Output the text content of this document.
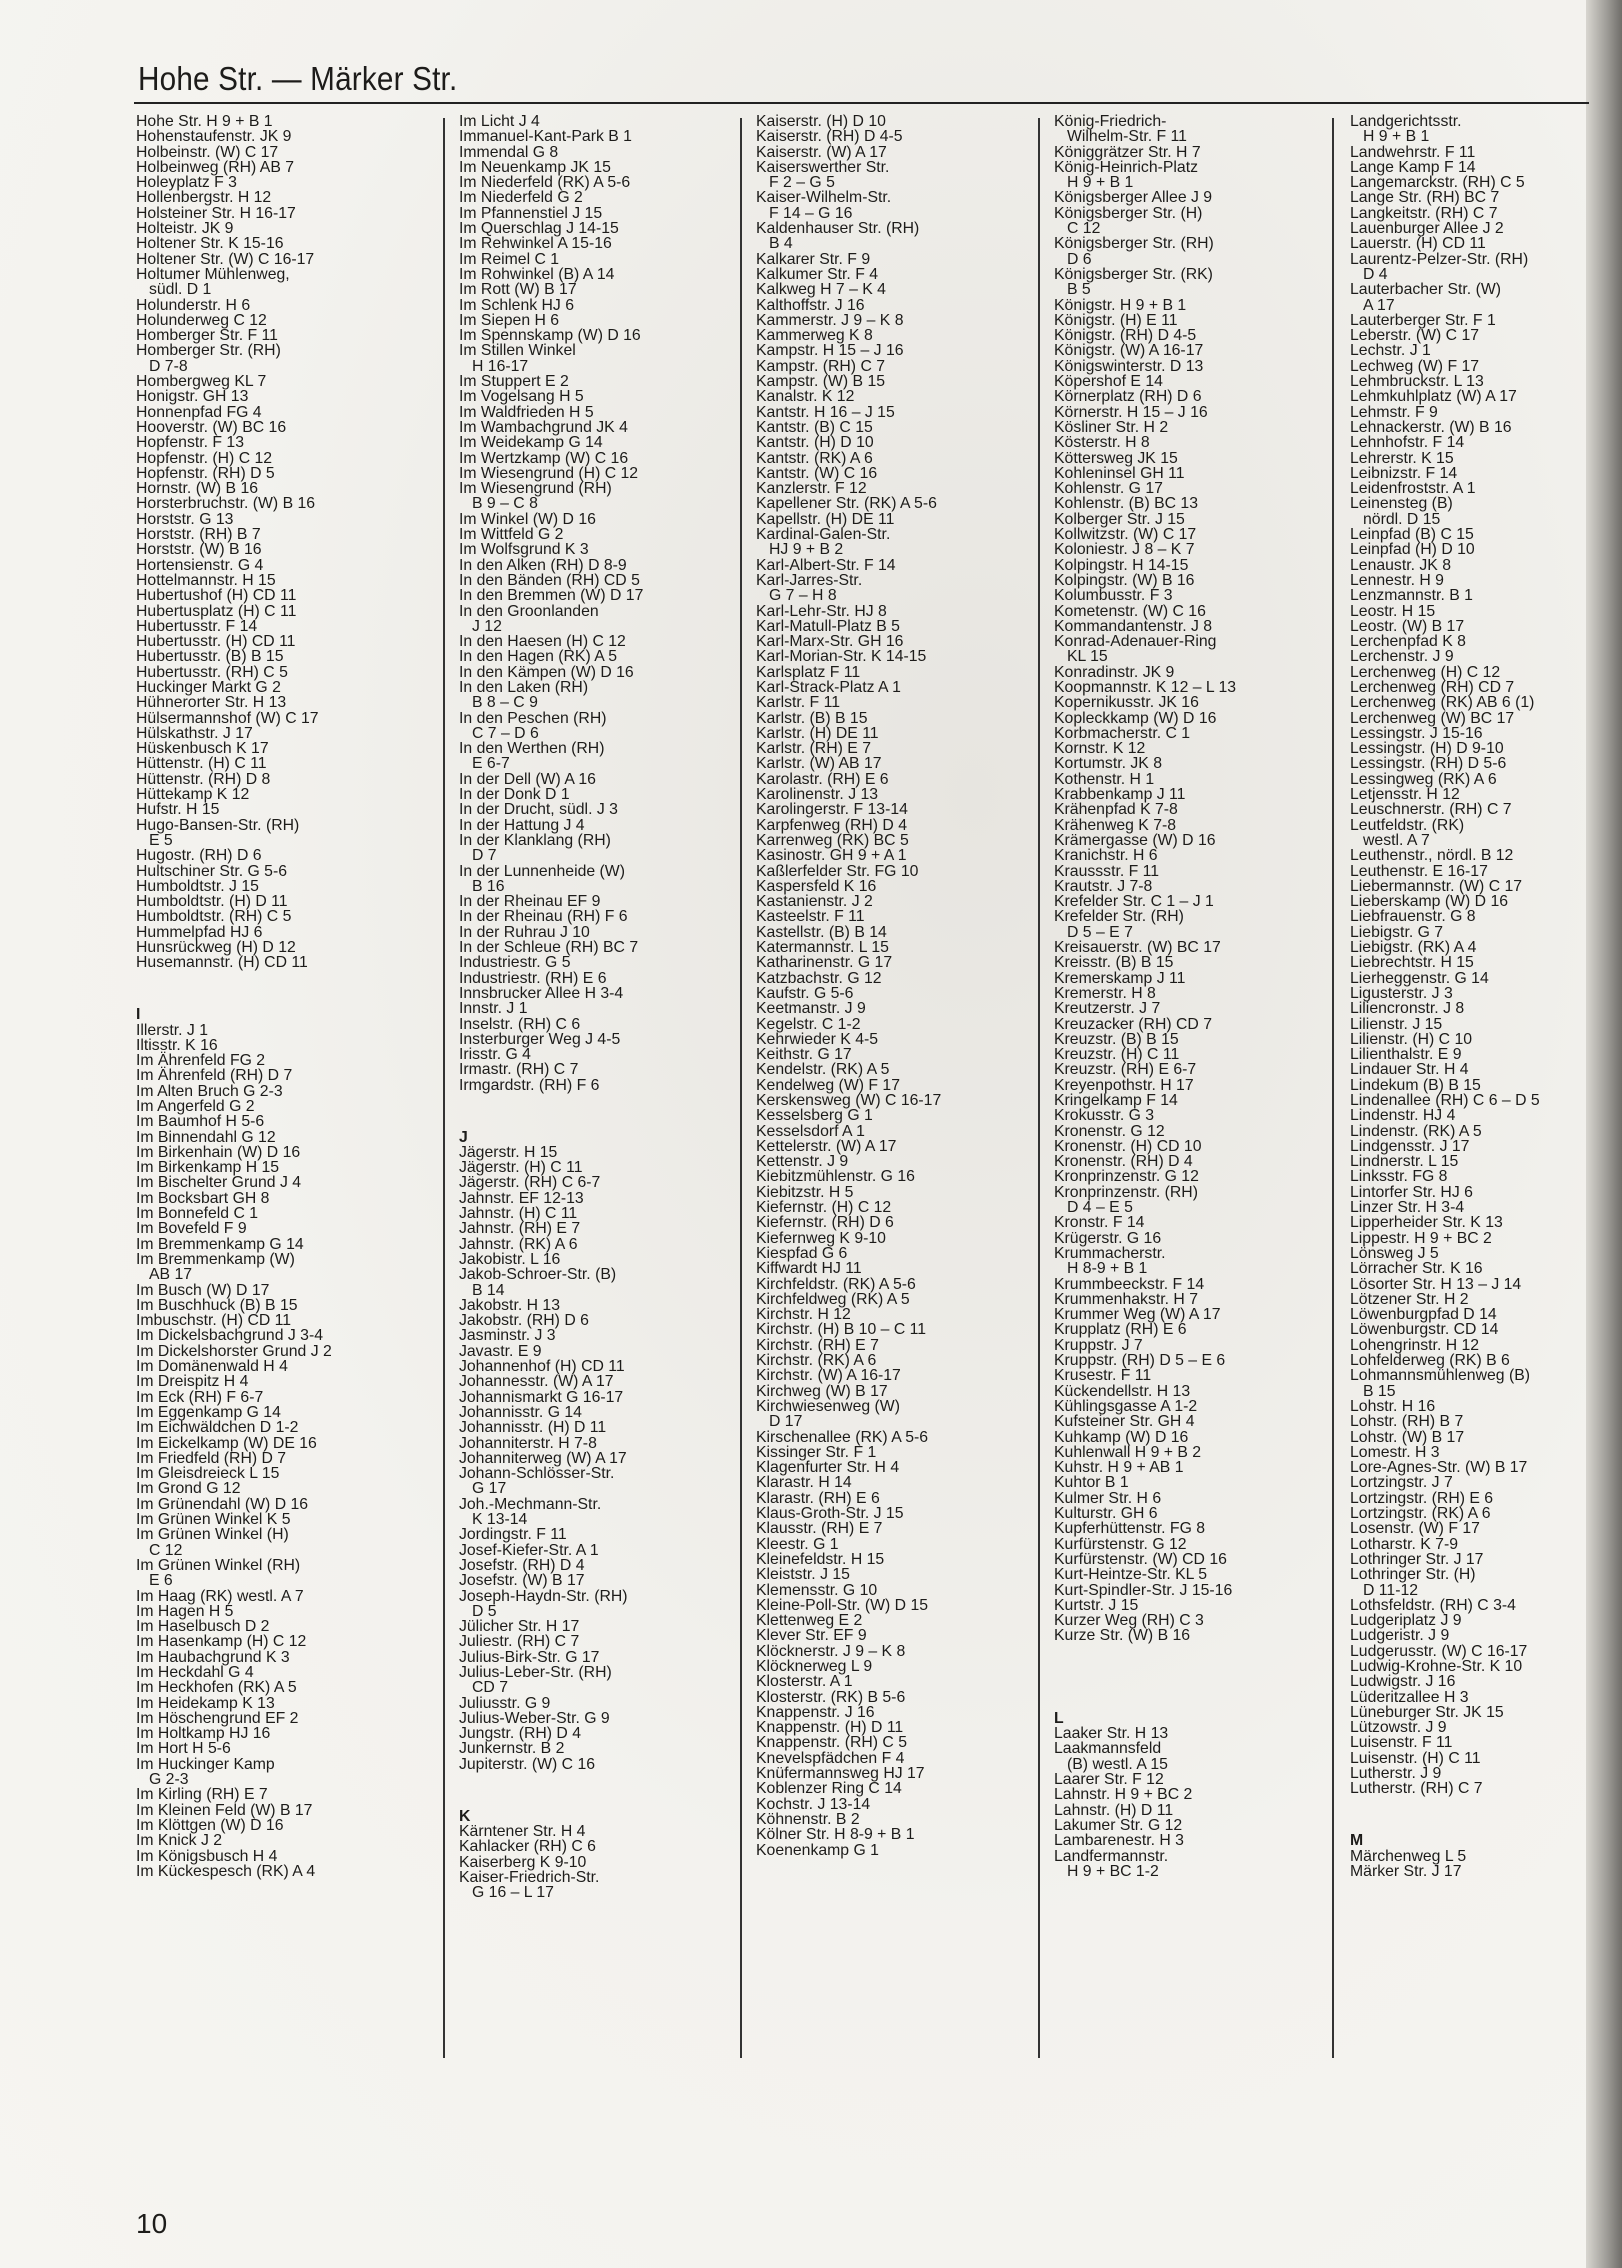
Hohe Str. — Märker Str.
Hohe Str. H 9 + B 1
Hohenstaufenstr. JK 9
Holbeinstr. (W) C 17
Holbeinweg (RH) AB 7
Holeyplatz F 3
Hollenbergstr. H 12
Holsteiner Str. H 16-17
Holteistr. JK 9
Holtener Str. K 15-16
Holtener Str. (W) C 16-17
Holtumer Mühlenweg,
südl. D 1
Holunderstr. H 6
Holunderweg C 12
Homberger Str. F 11
Homberger Str. (RH)
D 7-8
Hombergweg KL 7
Honigstr. GH 13
Honnenpfad FG 4
Hooverstr. (W) BC 16
Hopfenstr. F 13
Hopfenstr. (H) C 12
Hopfenstr. (RH) D 5
Hornstr. (W) B 16
Horsterbruchstr. (W) B 16
Horststr. G 13
Horststr. (RH) B 7
Horststr. (W) B 16
Hortensienstr. G 4
Hottelmannstr. H 15
Hubertushof (H) CD 11
Hubertusplatz (H) C 11
Hubertusstr. F 14
Hubertusstr. (H) CD 11
Hubertusstr. (B) B 15
Hubertusstr. (RH) C 5
Huckinger Markt G 2
Hühnerorter Str. H 13
Hülsermannshof (W) C 17
Hülskathstr. J 17
Hüskenbusch K 17
Hüttenstr. (H) C 11
Hüttenstr. (RH) D 8
Hüttekamp K 12
Hufstr. H 15
Hugo-Bansen-Str. (RH)
E 5
Hugostr. (RH) D 6
Hultschiner Str. G 5-6
Humboldtstr. J 15
Humboldtstr. (H) D 11
Humboldtstr. (RH) C 5
Hummelpfad HJ 6
Hunsrückweg (H) D 12
Husemannstr. (H) CD 11
I
Illerstr. J 1
Iltisstr. K 16
Im Ährenfeld FG 2
Im Ährenfeld (RH) D 7
Im Alten Bruch G 2-3
Im Angerfeld G 2
Im Baumhof H 5-6
Im Binnendahl G 12
Im Birkenhain (W) D 16
Im Birkenkamp H 15
Im Bischelter Grund J 4
Im Bocksbart GH 8
Im Bonnefeld C 1
Im Bovefeld F 9
Im Bremmenkamp G 14
Im Bremmenkamp (W)
AB 17
Im Busch (W) D 17
Im Buschhuck (B) B 15
Imbuschstr. (H) CD 11
Im Dickelsbachgrund J 3-4
Im Dickelshorster Grund J 2
Im Domänenwald H 4
Im Dreispitz H 4
Im Eck (RH) F 6-7
Im Eggenkamp G 14
Im Eichwäldchen D 1-2
Im Eickelkamp (W) DE 16
Im Friedfeld (RH) D 7
Im Gleisdreieck L 15
Im Grond G 12
Im Grünendahl (W) D 16
Im Grünen Winkel K 5
Im Grünen Winkel (H)
C 12
Im Grünen Winkel (RH)
E 6
Im Haag (RK) westl. A 7
Im Hagen H 5
Im Haselbusch D 2
Im Hasenkamp (H) C 12
Im Haubachgrund K 3
Im Heckdahl G 4
Im Heckhofen (RK) A 5
Im Heidekamp K 13
Im Höschengrund EF 2
Im Holtkamp HJ 16
Im Hort H 5-6
Im Huckinger Kamp
G 2-3
Im Kirling (RH) E 7
Im Kleinen Feld (W) B 17
Im Klöttgen (W) D 16
Im Knick J 2
Im Königsbusch H 4
Im Kückespesch (RK) A 4
Im Licht J 4
Immanuel-Kant-Park B 1
Immendal G 8
Im Neuenkamp JK 15
Im Niederfeld (RK) A 5-6
Im Niederfeld G 2
Im Pfannenstiel J 15
Im Querschlag J 14-15
Im Rehwinkel A 15-16
Im Reimel C 1
Im Rohwinkel (B) A 14
Im Rott (W) B 17
Im Schlenk HJ 6
Im Siepen H 6
Im Spennskamp (W) D 16
Im Stillen Winkel
H 16-17
Im Stuppert E 2
Im Vogelsang H 5
Im Waldfrieden H 5
Im Wambachgrund JK 4
Im Weidekamp G 14
Im Wertzkamp (W) C 16
Im Wiesengrund (H) C 12
Im Wiesengrund (RH)
B 9 – C 8
Im Winkel (W) D 16
Im Wittfeld G 2
Im Wolfsgrund K 3
In den Alken (RH) D 8-9
In den Bänden (RH) CD 5
In den Bremmen (W) D 17
In den Groonlanden
J 12
In den Haesen (H) C 12
In den Hagen (RK) A 5
In den Kämpen (W) D 16
In den Laken (RH)
B 8 – C 9
In den Peschen (RH)
C 7 – D 6
In den Werthen (RH)
E 6-7
In der Dell (W) A 16
In der Donk D 1
In der Drucht, südl. J 3
In der Hattung J 4
In der Klanklang (RH)
D 7
In der Lunnenheide (W)
B 16
In der Rheinau EF 9
In der Rheinau (RH) F 6
In der Ruhrau J 10
In der Schleue (RH) BC 7
Industriestr. G 5
Industriestr. (RH) E 6
Innsbrucker Allee H 3-4
Innstr. J 1
Inselstr. (RH) C 6
Insterburger Weg J 4-5
Irisstr. G 4
Irmastr. (RH) C 7
Irmgardstr. (RH) F 6
J
Jägerstr. H 15
Jägerstr. (H) C 11
Jägerstr. (RH) C 6-7
Jahnstr. EF 12-13
Jahnstr. (H) C 11
Jahnstr. (RH) E 7
Jahnstr. (RK) A 6
Jakobistr. L 16
Jakob-Schroer-Str. (B)
B 14
Jakobstr. H 13
Jakobstr. (RH) D 6
Jasminstr. J 3
Javastr. E 9
Johannenhof (H) CD 11
Johannesstr. (W) A 17
Johannismarkt G 16-17
Johannisstr. G 14
Johannisstr. (H) D 11
Johanniterstr. H 7-8
Johanniterweg (W) A 17
Johann-Schlösser-Str.
G 17
Joh.-Mechmann-Str.
K 13-14
Jordingstr. F 11
Josef-Kiefer-Str. A 1
Josefstr. (RH) D 4
Josefstr. (W) B 17
Joseph-Haydn-Str. (RH)
D 5
Jülicher Str. H 17
Juliestr. (RH) C 7
Julius-Birk-Str. G 17
Julius-Leber-Str. (RH)
CD 7
Juliusstr. G 9
Julius-Weber-Str. G 9
Jungstr. (RH) D 4
Junkernstr. B 2
Jupiterstr. (W) C 16
K
Kärntener Str. H 4
Kahlacker (RH) C 6
Kaiserberg K 9-10
Kaiser-Friedrich-Str.
G 16 – L 17
Kaiserstr. (H) D 10
Kaiserstr. (RH) D 4-5
Kaiserstr. (W) A 17
Kaiserswerther Str.
F 2 – G 5
Kaiser-Wilhelm-Str.
F 14 – G 16
Kaldenhauser Str. (RH)
B 4
Kalkarer Str. F 9
Kalkumer Str. F 4
Kalkweg H 7 – K 4
Kalthoffstr. J 16
Kammerstr. J 9 – K 8
Kammerweg K 8
Kampstr. H 15 – J 16
Kampstr. (RH) C 7
Kampstr. (W) B 15
Kanalstr. K 12
Kantstr. H 16 – J 15
Kantstr. (B) C 15
Kantstr. (H) D 10
Kantstr. (RK) A 6
Kantstr. (W) C 16
Kanzlerstr. F 12
Kapellener Str. (RK) A 5-6
Kapellstr. (H) DE 11
Kardinal-Galen-Str.
HJ 9 + B 2
Karl-Albert-Str. F 14
Karl-Jarres-Str.
G 7 – H 8
Karl-Lehr-Str. HJ 8
Karl-Matull-Platz B 5
Karl-Marx-Str. GH 16
Karl-Morian-Str. K 14-15
Karlsplatz F 11
Karl-Strack-Platz A 1
Karlstr. F 11
Karlstr. (B) B 15
Karlstr. (H) DE 11
Karlstr. (RH) E 7
Karlstr. (W) AB 17
Karolastr. (RH) E 6
Karolinenstr. J 13
Karolingerstr. F 13-14
Karpfenweg (RH) D 4
Karrenweg (RK) BC 5
Kasinostr. GH 9 + A 1
Kaßlerfelder Str. FG 10
Kaspersfeld K 16
Kastanienstr. J 2
Kasteelstr. F 11
Kastellstr. (B) B 14
Katermannstr. L 15
Katharinenstr. G 17
Katzbachstr. G 12
Kaufstr. G 5-6
Keetmanstr. J 9
Kegelstr. C 1-2
Kehrwieder K 4-5
Keithstr. G 17
Kendelstr. (RK) A 5
Kendelweg (W) F 17
Kerskensweg (W) C 16-17
Kesselsberg G 1
Kesselsdorf A 1
Kettelerstr. (W) A 17
Kettenstr. J 9
Kiebitzmühlenstr. G 16
Kiebitzstr. H 5
Kiefernstr. (H) C 12
Kiefernstr. (RH) D 6
Kiefernweg K 9-10
Kiespfad G 6
Kiffwardt HJ 11
Kirchfeldstr. (RK) A 5-6
Kirchfeldweg (RK) A 5
Kirchstr. H 12
Kirchstr. (H) B 10 – C 11
Kirchstr. (RH) E 7
Kirchstr. (RK) A 6
Kirchstr. (W) A 16-17
Kirchweg (W) B 17
Kirchwiesenweg (W)
D 17
Kirschenallee (RK) A 5-6
Kissinger Str. F 1
Klagenfurter Str. H 4
Klarastr. H 14
Klarastr. (RH) E 6
Klaus-Groth-Str. J 15
Klausstr. (RH) E 7
Kleestr. G 1
Kleinefeldstr. H 15
Kleiststr. J 15
Klemensstr. G 10
Kleine-Poll-Str. (W) D 15
Klettenweg E 2
Klever Str. EF 9
Klöcknerstr. J 9 – K 8
Klöcknerweg L 9
Klosterstr. A 1
Klosterstr. (RK) B 5-6
Knappenstr. J 16
Knappenstr. (H) D 11
Knappenstr. (RH) C 5
Knevelspfädchen F 4
Knüfermannsweg HJ 17
Koblenzer Ring C 14
Kochstr. J 13-14
Köhnenstr. B 2
Kölner Str. H 8-9 + B 1
Koenenkamp G 1
König-Friedrich-
Wilhelm-Str. F 11
Königgrätzer Str. H 7
König-Heinrich-Platz
H 9 + B 1
Königsberger Allee J 9
Königsberger Str. (H)
C 12
Königsberger Str. (RH)
D 6
Königsberger Str. (RK)
B 5
Königstr. H 9 + B 1
Königstr. (H) E 11
Königstr. (RH) D 4-5
Königstr. (W) A 16-17
Königswinterstr. D 13
Köpershof E 14
Körnerplatz (RH) D 6
Körnerstr. H 15 – J 16
Kösliner Str. H 2
Kösterstr. H 8
Köttersweg JK 15
Kohleninsel GH 11
Kohlenstr. G 17
Kohlenstr. (B) BC 13
Kolberger Str. J 15
Kollwitzstr. (W) C 17
Koloniestr. J 8 – K 7
Kolpingstr. H 14-15
Kolpingstr. (W) B 16
Kolumbusstr. F 3
Kometenstr. (W) C 16
Kommandantenstr. J 8
Konrad-Adenauer-Ring
KL 15
Konradinstr. JK 9
Koopmannstr. K 12 – L 13
Kopernikusstr. JK 16
Kopleckkamp (W) D 16
Korbmacherstr. C 1
Kornstr. K 12
Kortumstr. JK 8
Kothenstr. H 1
Krabbenkamp J 11
Krähenpfad K 7-8
Krähenweg K 7-8
Krämergasse (W) D 16
Kranichstr. H 6
Kraussstr. F 11
Krautstr. J 7-8
Krefelder Str. C 1 – J 1
Krefelder Str. (RH)
D 5 – E 7
Kreisauerstr. (W) BC 17
Kreisstr. (B) B 15
Kremerskamp J 11
Kremerstr. H 8
Kreutzerstr. J 7
Kreuzacker (RH) CD 7
Kreuzstr. (B) B 15
Kreuzstr. (H) C 11
Kreuzstr. (RH) E 6-7
Kreyenpothstr. H 17
Kringelkamp F 14
Krokusstr. G 3
Kronenstr. G 12
Kronenstr. (H) CD 10
Kronenstr. (RH) D 4
Kronprinzenstr. G 12
Kronprinzenstr. (RH)
D 4 – E 5
Kronstr. F 14
Krügerstr. G 16
Krummacherstr.
H 8-9 + B 1
Krummbeeckstr. F 14
Krummenhakstr. H 7
Krummer Weg (W) A 17
Krupplatz (RH) E 6
Kruppstr. J 7
Kruppstr. (RH) D 5 – E 6
Krusestr. F 11
Kückendellstr. H 13
Kühlingsgasse A 1-2
Kufsteiner Str. GH 4
Kuhkamp (W) D 16
Kuhlenwall H 9 + B 2
Kuhstr. H 9 + AB 1
Kuhtor B 1
Kulmer Str. H 6
Kulturstr. GH 6
Kupferhüttenstr. FG 8
Kurfürstenstr. G 12
Kurfürstenstr. (W) CD 16
Kurt-Heintze-Str. KL 5
Kurt-Spindler-Str. J 15-16
Kurtstr. J 15
Kurzer Weg (RH) C 3
Kurze Str. (W) B 16
L
Laaker Str. H 13
Laakmannsfeld
(B) westl. A 15
Laarer Str. F 12
Lahnstr. H 9 + BC 2
Lahnstr. (H) D 11
Lakumer Str. G 12
Lambarenestr. H 3
Landfermannstr.
H 9 + BC 1-2
Landgerichtsstr.
H 9 + B 1
Landwehrstr. F 11
Lange Kamp F 14
Langemarckstr. (RH) C 5
Lange Str. (RH) BC 7
Langkeitstr. (RH) C 7
Lauenburger Allee J 2
Lauerstr. (H) CD 11
Laurentz-Pelzer-Str. (RH)
D 4
Lauterbacher Str. (W)
A 17
Lauterberger Str. F 1
Leberstr. (W) C 17
Lechstr. J 1
Lechweg (W) F 17
Lehmbruckstr. L 13
Lehmkuhlplatz (W) A 17
Lehmstr. F 9
Lehnackerstr. (W) B 16
Lehnhofstr. F 14
Lehrerstr. K 15
Leibnizstr. F 14
Leidenfroststr. A 1
Leinensteg (B)
nördl. D 15
Leinpfad (B) C 15
Leinpfad (H) D 10
Lenaustr. JK 8
Lennestr. H 9
Lenzmannstr. B 1
Leostr. H 15
Leostr. (W) B 17
Lerchenpfad K 8
Lerchenstr. J 9
Lerchenweg (H) C 12
Lerchenweg (RH) CD 7
Lerchenweg (RK) AB 6 (1)
Lerchenweg (W) BC 17
Lessingstr. J 15-16
Lessingstr. (H) D 9-10
Lessingstr. (RH) D 5-6
Lessingweg (RK) A 6
Letjensstr. H 12
Leuschnerstr. (RH) C 7
Leutfeldstr. (RK)
westl. A 7
Leuthenstr., nördl. B 12
Leuthenstr. E 16-17
Liebermannstr. (W) C 17
Lieberskamp (W) D 16
Liebfrauenstr. G 8
Liebigstr. G 7
Liebigstr. (RK) A 4
Liebrechtstr. H 15
Lierheggenstr. G 14
Ligusterstr. J 3
Liliencronstr. J 8
Lilienstr. J 15
Lilienstr. (H) C 10
Lilienthalstr. E 9
Lindauer Str. H 4
Lindekum (B) B 15
Lindenallee (RH) C 6 – D 5
Lindenstr. HJ 4
Lindenstr. (RK) A 5
Lindgensstr. J 17
Lindnerstr. L 15
Linksstr. FG 8
Lintorfer Str. HJ 6
Linzer Str. H 3-4
Lipperheider Str. K 13
Lippestr. H 9 + BC 2
Lönsweg J 5
Lörracher Str. K 16
Lösorter Str. H 13 – J 14
Lötzener Str. H 2
Löwenburgpfad D 14
Löwenburgstr. CD 14
Lohengrinstr. H 12
Lohfelderweg (RK) B 6
Lohmannsmühlenweg (B)
B 15
Lohstr. H 16
Lohstr. (RH) B 7
Lohstr. (W) B 17
Lomestr. H 3
Lore-Agnes-Str. (W) B 17
Lortzingstr. J 7
Lortzingstr. (RH) E 6
Lortzingstr. (RK) A 6
Losenstr. (W) F 17
Lotharstr. K 7-9
Lothringer Str. J 17
Lothringer Str. (H)
D 11-12
Lothsfeldstr. (RH) C 3-4
Ludgeriplatz J 9
Ludgeristr. J 9
Ludgerusstr. (W) C 16-17
Ludwig-Krohne-Str. K 10
Ludwigstr. J 16
Lüderitzallee H 3
Lüneburger Str. JK 15
Lützowstr. J 9
Luisenstr. F 11
Luisenstr. (H) C 11
Lutherstr. J 9
Lutherstr. (RH) C 7
M
Märchenweg L 5
Märker Str. J 17
10
